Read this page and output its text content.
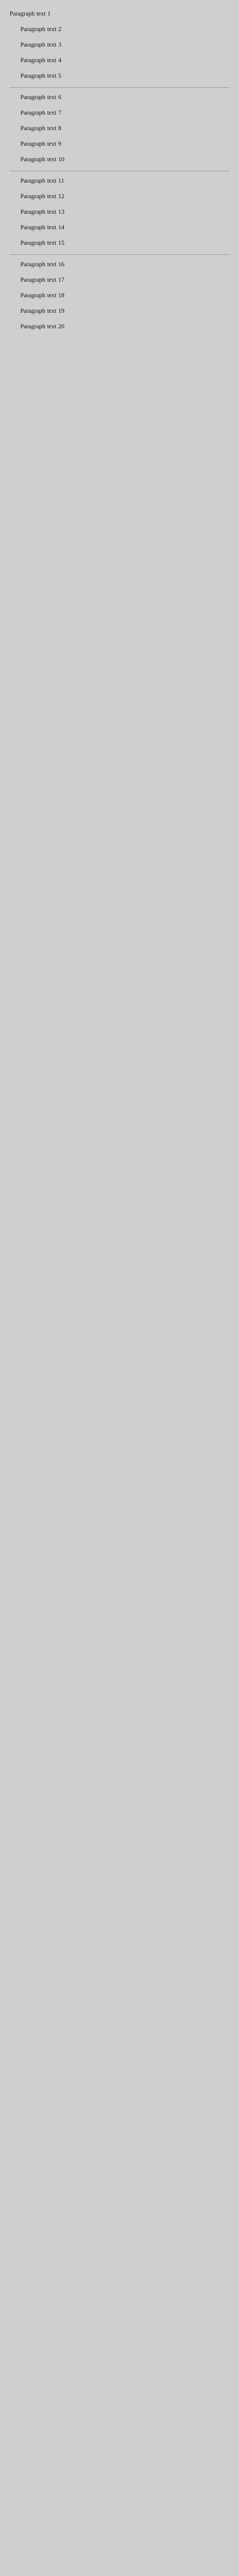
Paragraph text 1

Paragraph text 2

Paragraph text 3

Paragraph text 4

Paragraph text 5

Paragraph text 6

Paragraph text 7

Paragraph text 8

Paragraph text 9

Paragraph text 10

Paragraph text 11

Paragraph text 12

Paragraph text 13

Paragraph text 14

Paragraph text 15

Paragraph text 16

Paragraph text 17

Paragraph text 18

Paragraph text 19

Paragraph text 20
